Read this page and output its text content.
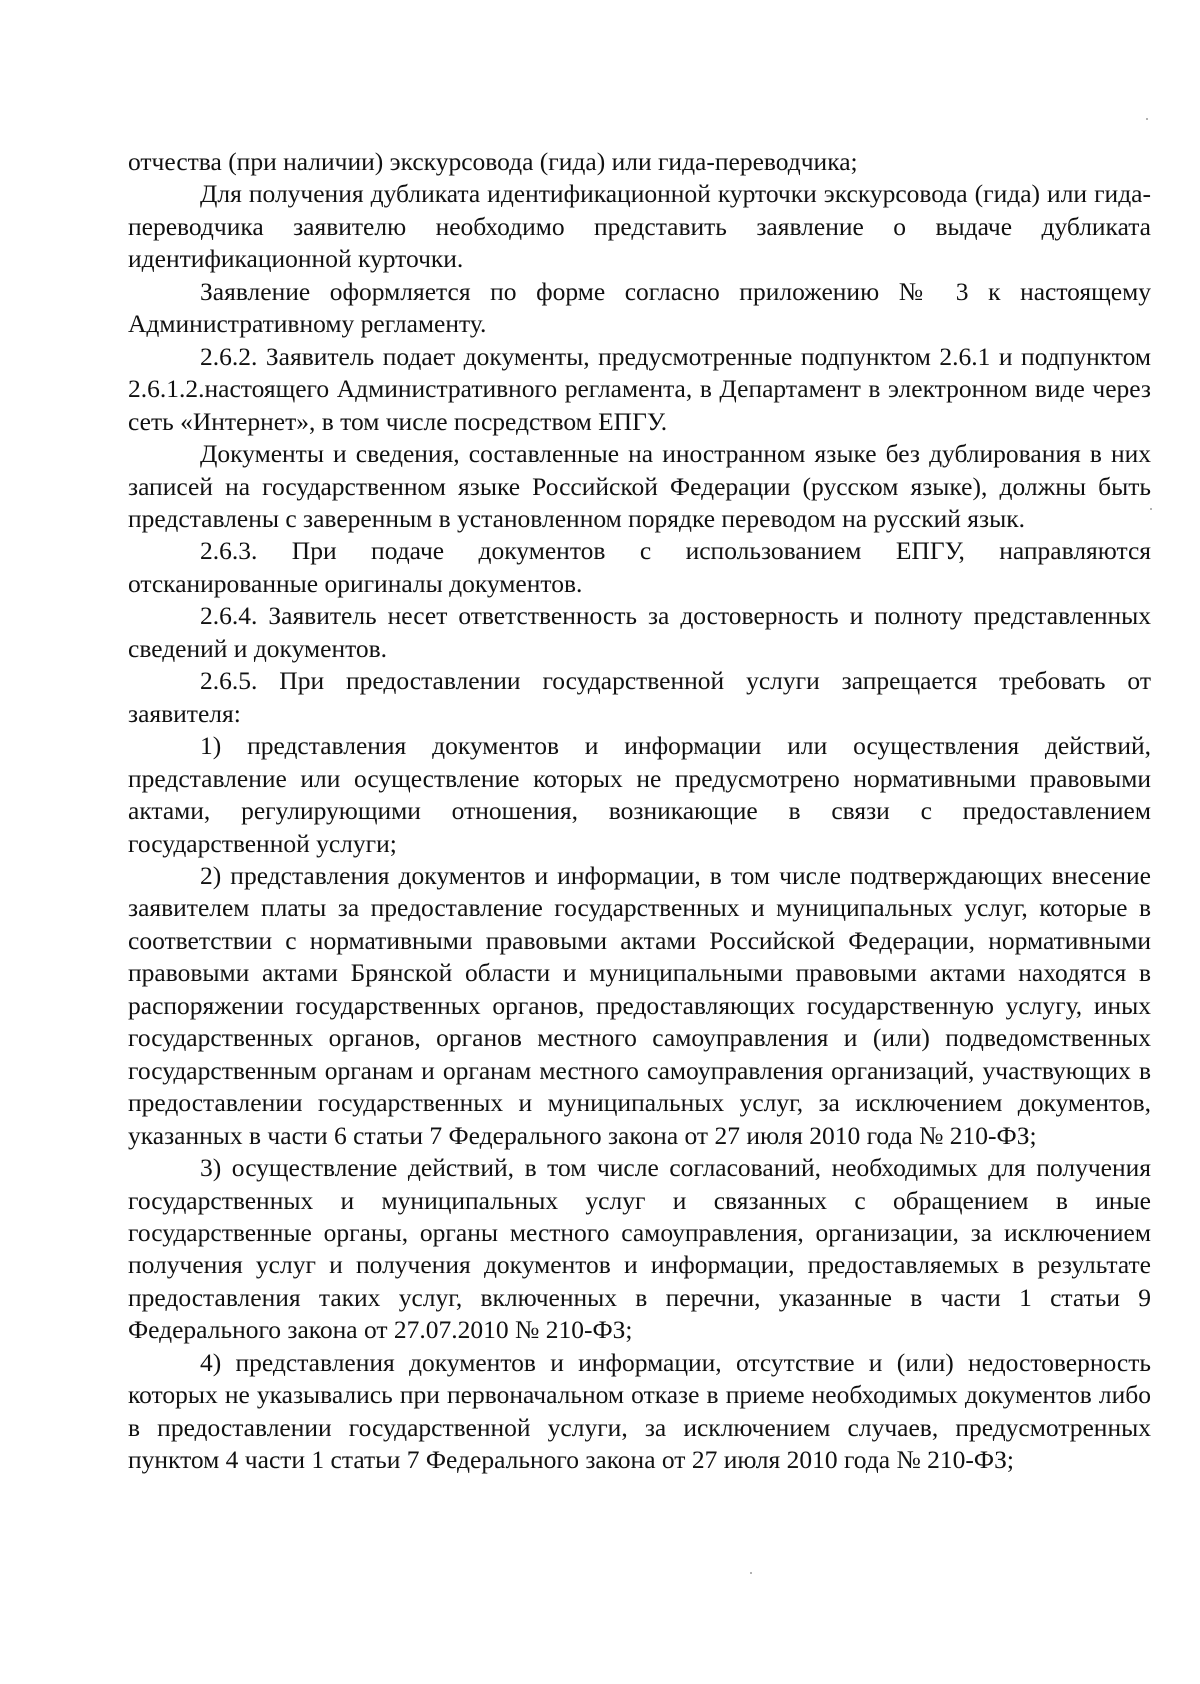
отчества (при наличии) экскурсовода (гида) или гида-переводчика;

Для получения дубликата идентификационной курточки экскурсовода (гида) или гида-переводчика заявителю необходимо представить заявление о выдаче дубликата идентификационной курточки.

Заявление оформляется по форме согласно приложению № 3 к настоящему Административному регламенту.

2.6.2. Заявитель подает документы, предусмотренные подпунктом 2.6.1 и подпунктом 2.6.1.2.настоящего Административного регламента, в Департамент в электронном виде через сеть «Интернет», в том числе посредством ЕПГУ.

Документы и сведения, составленные на иностранном языке без дублирования в них записей на государственном языке Российской Федерации (русском языке), должны быть представлены с заверенным в установленном порядке переводом на русский язык.

2.6.3. При подаче документов с использованием ЕПГУ, направляются отсканированные оригиналы документов.

2.6.4. Заявитель несет ответственность за достоверность и полноту представленных сведений и документов.

2.6.5. При предоставлении государственной услуги запрещается требовать от заявителя:

1) представления документов и информации или осуществления действий, представление или осуществление которых не предусмотрено нормативными правовыми актами, регулирующими отношения, возникающие в связи с предоставлением государственной услуги;

2) представления документов и информации, в том числе подтверждающих внесение заявителем платы за предоставление государственных и муниципальных услуг, которые в соответствии с нормативными правовыми актами Российской Федерации, нормативными правовыми актами Брянской области и муниципальными правовыми актами находятся в распоряжении государственных органов, предоставляющих государственную услугу, иных государственных органов, органов местного самоуправления и (или) подведомственных государственным органам и органам местного самоуправления организаций, участвующих в предоставлении государственных и муниципальных услуг, за исключением документов, указанных в части 6 статьи 7 Федерального закона от 27 июля 2010 года № 210-ФЗ;

3) осуществление действий, в том числе согласований, необходимых для получения государственных и муниципальных услуг и связанных с обращением в иные государственные органы, органы местного самоуправления, организации, за исключением получения услуг и получения документов и информации, предоставляемых в результате предоставления таких услуг, включенных в перечни, указанные в части 1 статьи 9 Федерального закона от 27.07.2010 № 210-ФЗ;

4) представления документов и информации, отсутствие и (или) недостоверность которых не указывались при первоначальном отказе в приеме необходимых документов либо в предоставлении государственной услуги, за исключением случаев, предусмотренных пунктом 4 части 1 статьи 7 Федерального закона от 27 июля 2010 года № 210-ФЗ;
